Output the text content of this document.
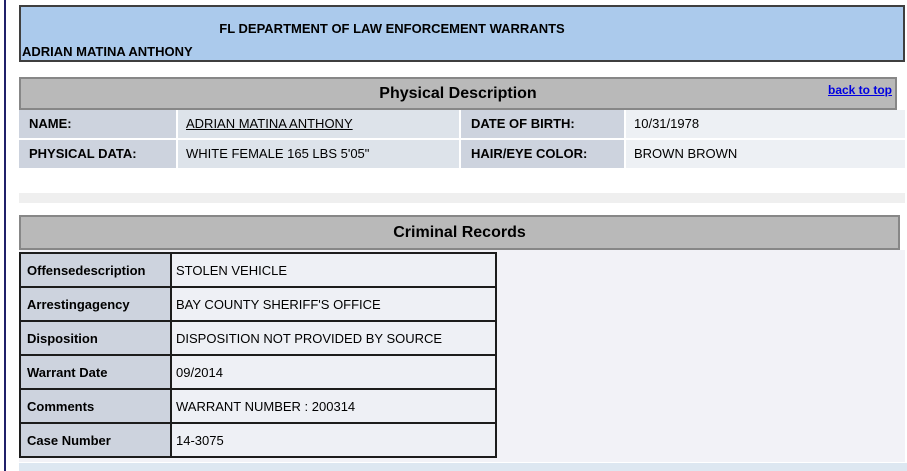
FL DEPARTMENT OF LAW ENFORCEMENT WARRANTS
ADRIAN MATINA ANTHONY
Physical Description	back to top
NAME:	ADRIAN MATINA ANTHONY	DATE OF BIRTH:	10/31/1978
PHYSICAL DATA:	WHITE FEMALE 165 LBS 5'05"	HAIR/EYE COLOR:	BROWN BROWN
Criminal Records
Offensedescription	STOLEN VEHICLE
Arrestingagency	BAY COUNTY SHERIFF'S OFFICE
Disposition	DISPOSITION NOT PROVIDED BY SOURCE
Warrant Date	09/2014
Comments	WARRANT NUMBER : 200314
Case Number	14-3075
